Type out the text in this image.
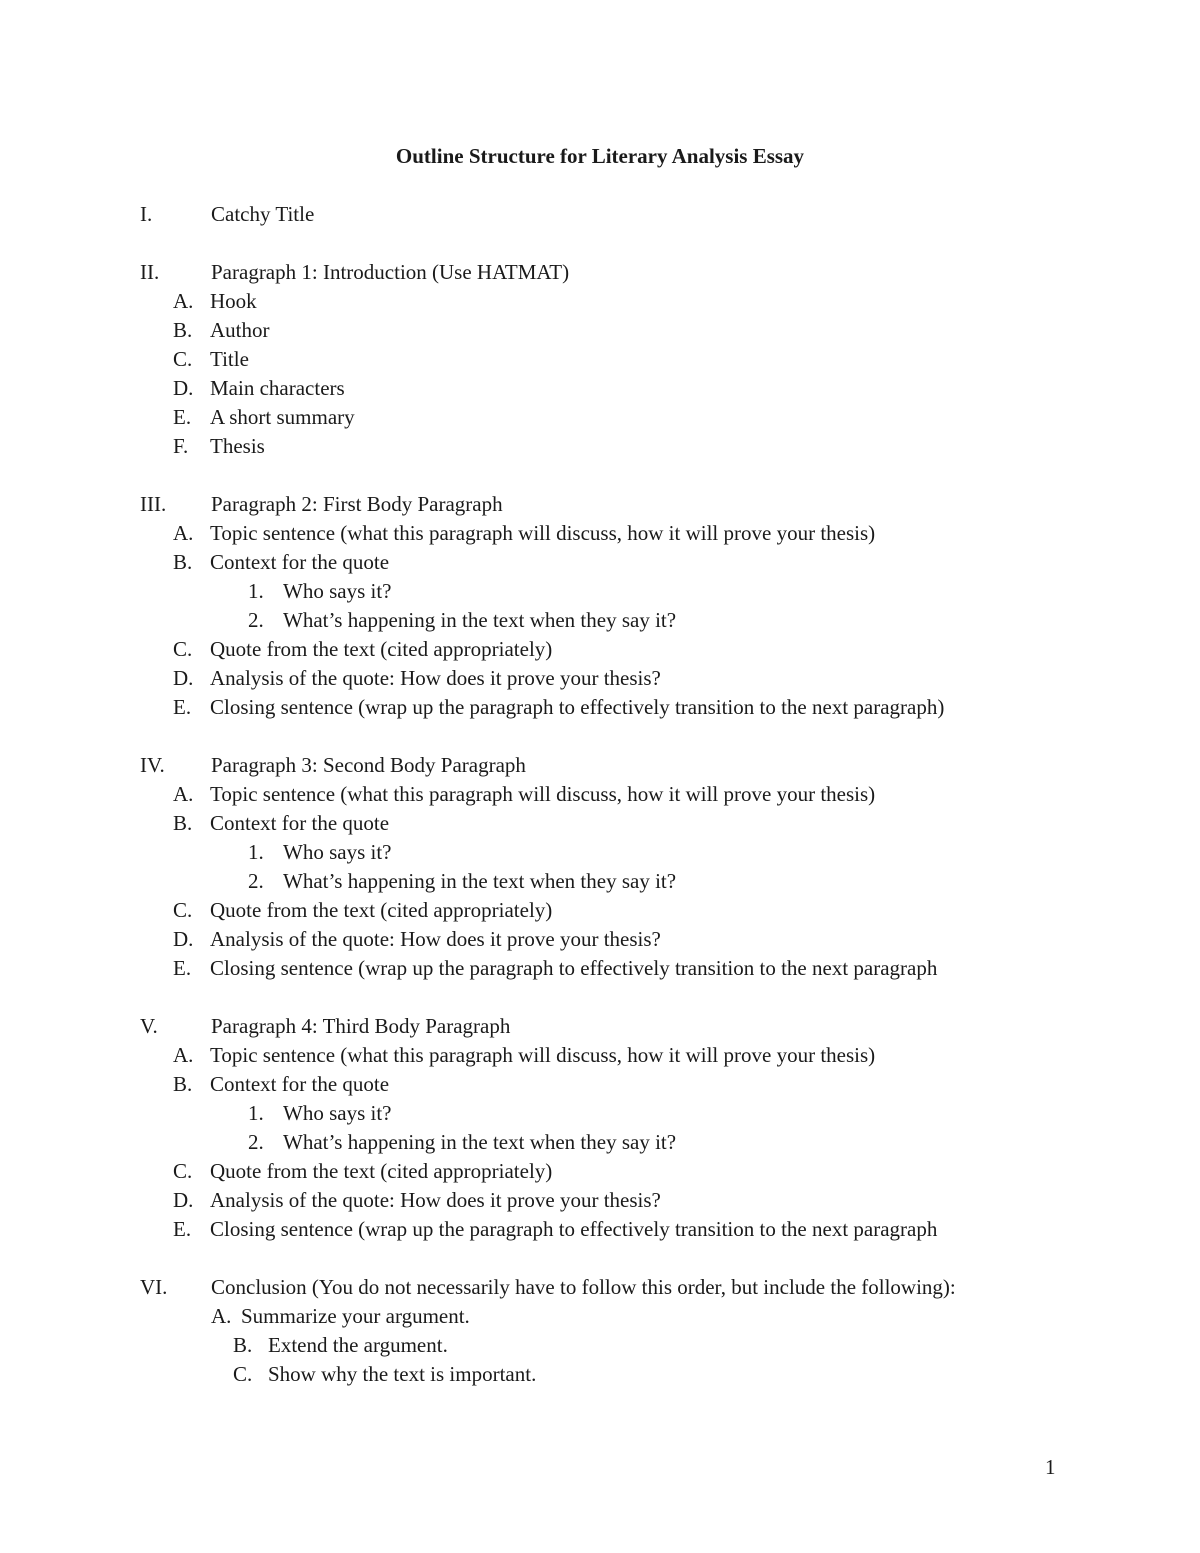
Outline Structure for Literary Analysis Essay
I.	Catchy Title
II. Paragraph 1: Introduction (Use HATMAT)
A. Hook
B. Author
C. Title
D. Main characters
E. A short summary
F. Thesis
III. Paragraph 2: First Body Paragraph
A. Topic sentence (what this paragraph will discuss, how it will prove your thesis)
B. Context for the quote
1. Who says it?
2. What’s happening in the text when they say it?
C. Quote from the text (cited appropriately)
D. Analysis of the quote: How does it prove your thesis?
E. Closing sentence (wrap up the paragraph to effectively transition to the next paragraph)
IV. Paragraph 3: Second Body Paragraph
A. Topic sentence (what this paragraph will discuss, how it will prove your thesis)
B. Context for the quote
1. Who says it?
2. What’s happening in the text when they say it?
C. Quote from the text (cited appropriately)
D. Analysis of the quote: How does it prove your thesis?
E. Closing sentence (wrap up the paragraph to effectively transition to the next paragraph
V.	Paragraph 4: Third Body Paragraph
A. Topic sentence (what this paragraph will discuss, how it will prove your thesis)
B. Context for the quote
1. Who says it?
2. What’s happening in the text when they say it?
C. Quote from the text (cited appropriately)
D. Analysis of the quote: How does it prove your thesis?
E. Closing sentence (wrap up the paragraph to effectively transition to the next paragraph
VI. Conclusion (You do not necessarily have to follow this order, but include the following):
A. Summarize your argument.
B. Extend the argument.
C. Show why the text is important.
1
